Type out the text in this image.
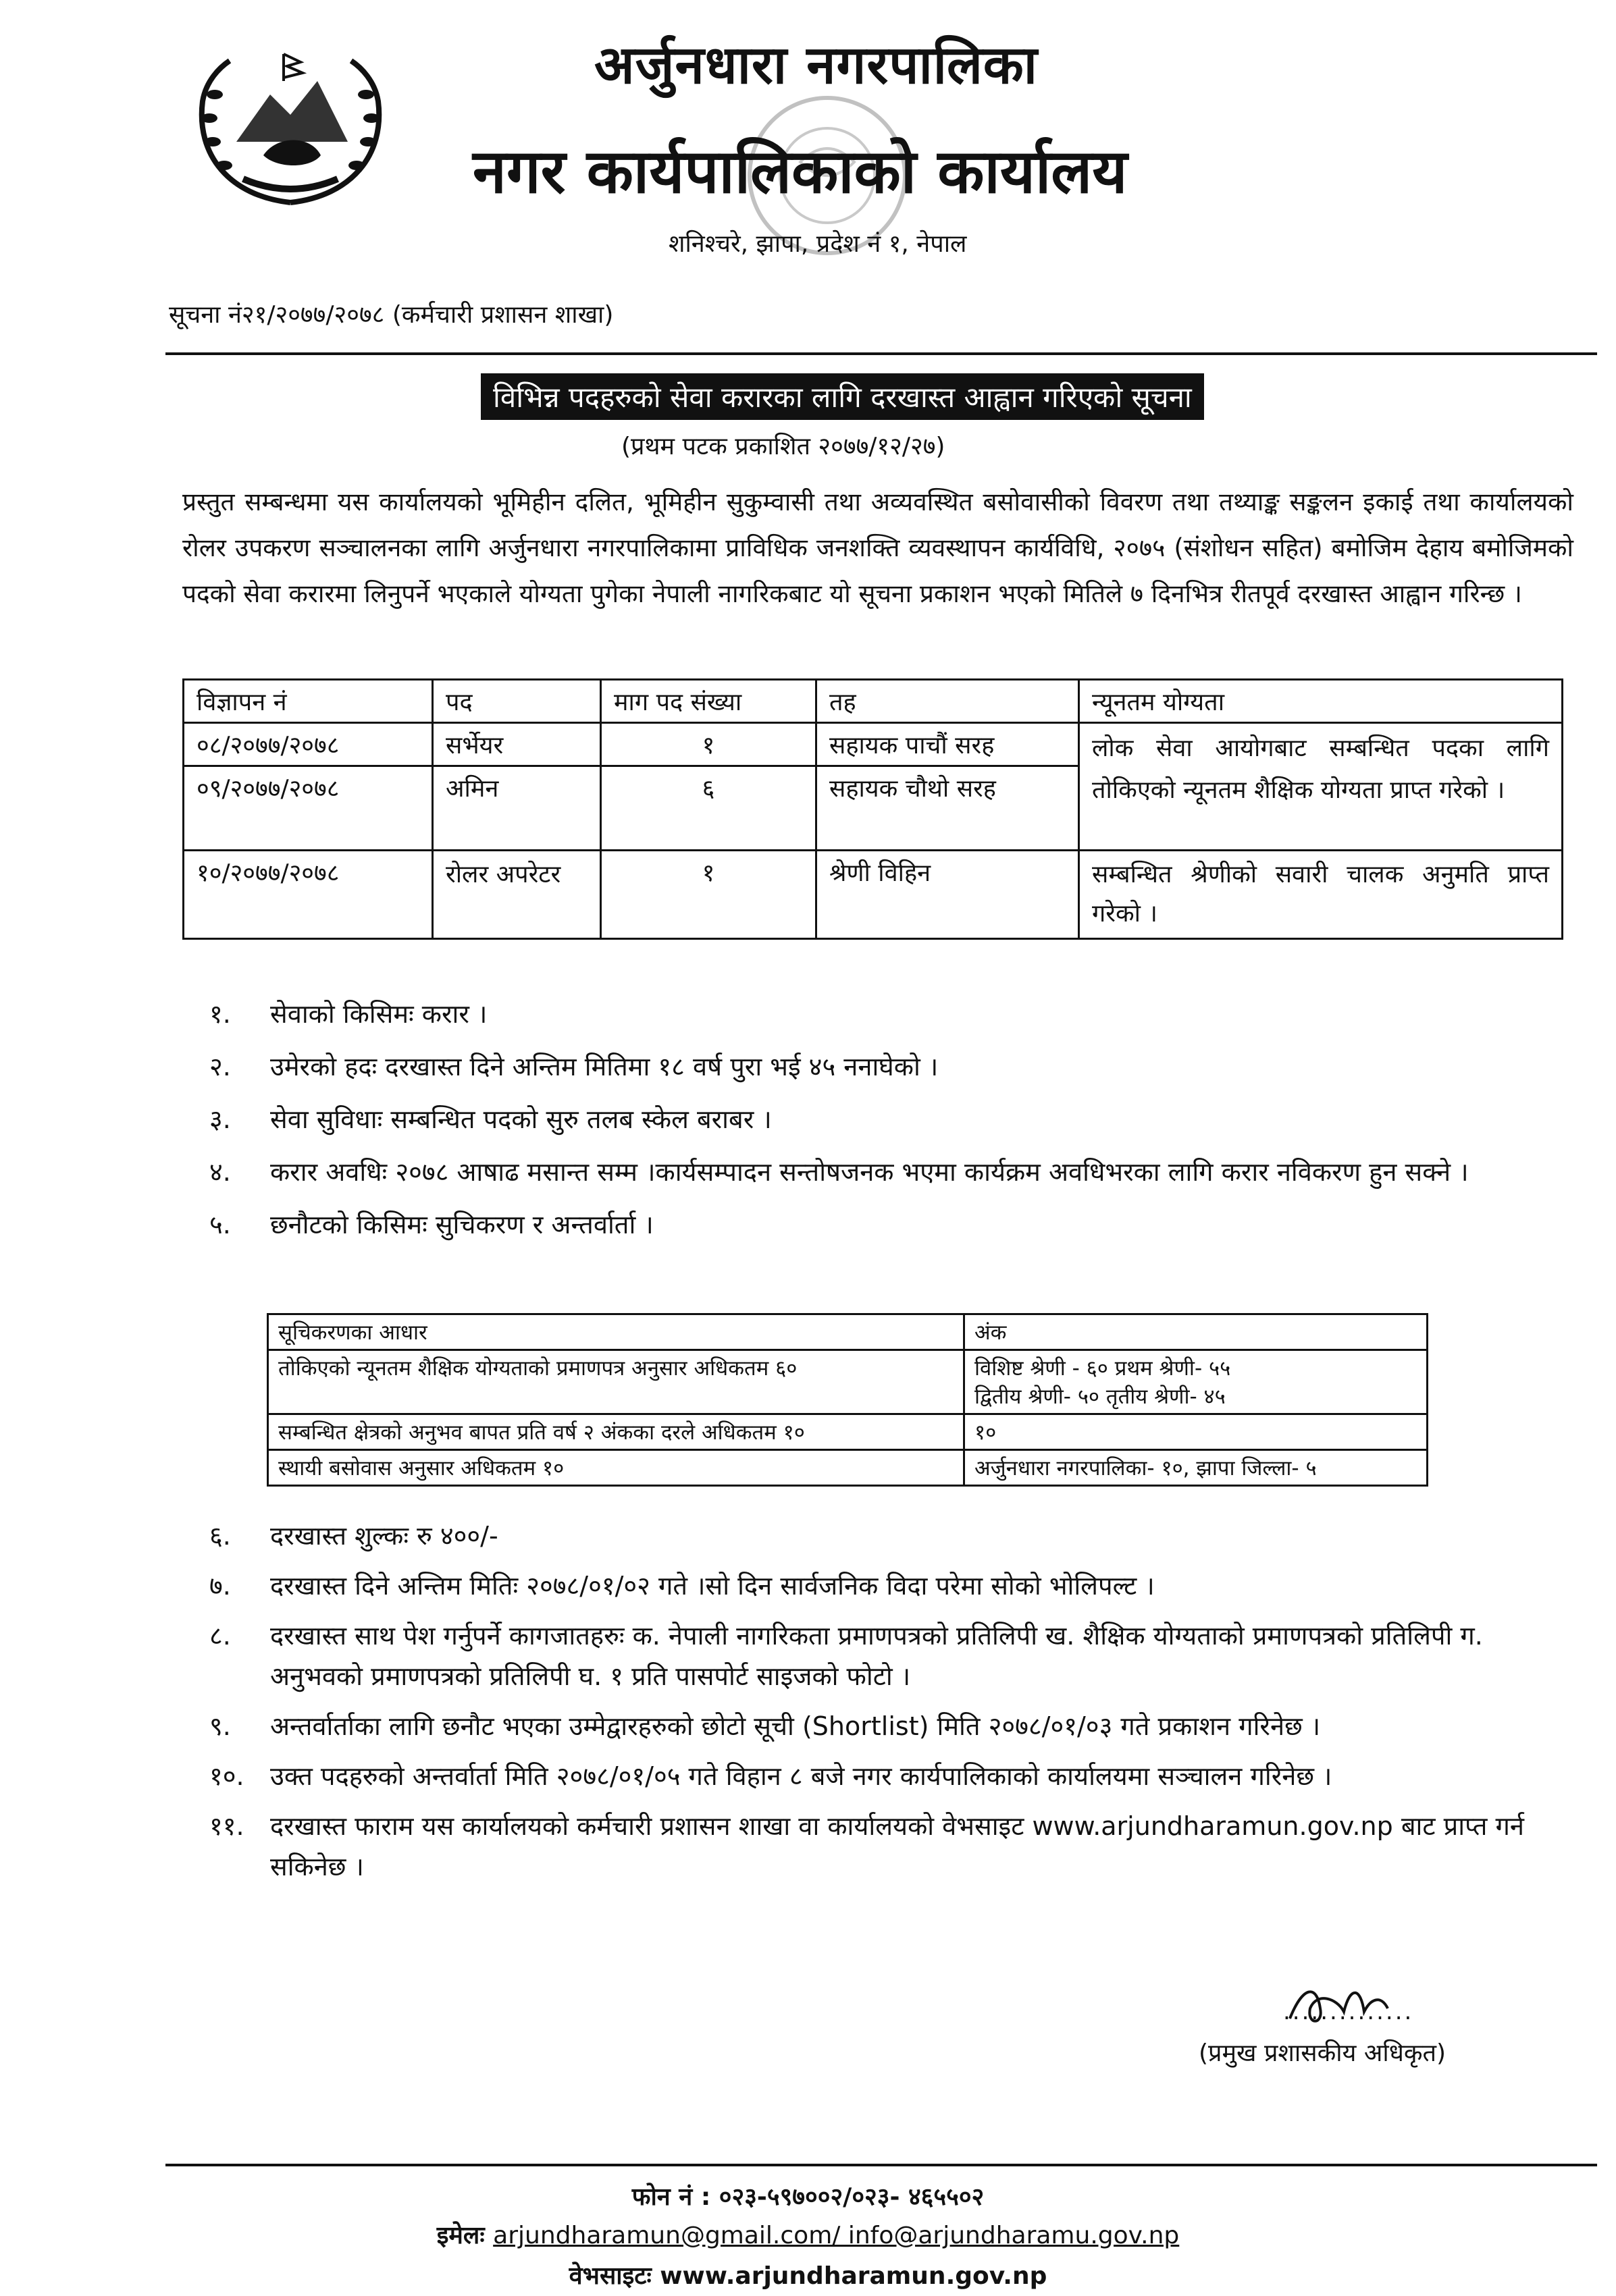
अर्जुनधारा नगरपालिका
नगर कार्यपालिकाको कार्यालय
शनिश्चरे, झापा, प्रदेश नं १, नेपाल
सूचना नं२१/२०७७/२०७८ (कर्मचारी प्रशासन शाखा)
विभिन्न पदहरुको सेवा करारका लागि दरखास्त आह्वान गरिएको सूचना
(प्रथम पटक प्रकाशित २०७७/१२/२७)
प्रस्तुत सम्बन्धमा यस कार्यालयको भूमिहीन दलित, भूमिहीन सुकुम्वासी तथा अव्यवस्थित बसोवासीको विवरण तथा तथ्याङ्क सङ्कलन इकाई तथा कार्यालयको रोलर उपकरण सञ्चालनका लागि अर्जुनधारा नगरपालिकामा प्राविधिक जनशक्ति व्यवस्थापन कार्यविधि, २०७५ (संशोधन सहित) बमोजिम देहाय बमोजिमको पदको सेवा करारमा लिनुपर्ने भएकाले योग्यता पुगेका नेपाली नागरिकबाट यो सूचना प्रकाशन भएको मितिले ७ दिनभित्र रीतपूर्व दरखास्त आह्वान गरिन्छ ।
विज्ञापन नं	पद	माग पद संख्या	तह	न्यूनतम योग्यता
०८/२०७७/२०७८	सर्भेयर	१	सहायक पाचौं सरह	लोक सेवा आयोगबाट सम्बन्धित पदका लागि तोकिएको न्यूनतम शैक्षिक योग्यता प्राप्त गरेको ।
०९/२०७७/२०७८	अमिन	६	सहायक चौथो सरह	
१०/२०७७/२०७८	रोलर अपरेटर	१	श्रेणी विहिन	सम्बन्धित श्रेणीको सवारी चालक अनुमति प्राप्त गरेको ।
१.	सेवाको किसिमः करार ।
२.	उमेरको हदः दरखास्त दिने अन्तिम मितिमा १८ वर्ष पुरा भई ४५ ननाघेको ।
३.	सेवा सुविधाः सम्बन्धित पदको सुरु तलब स्केल बराबर ।
४.	करार अवधिः २०७८ आषाढ मसान्त सम्म ।कार्यसम्पादन सन्तोषजनक भएमा कार्यक्रम अवधिभरका लागि करार नविकरण हुन सक्ने ।
५.	छनौटको किसिमः सुचिकरण र अन्तर्वार्ता ।
सूचिकरणका आधार	अंक
तोकिएको न्यूनतम शैक्षिक योग्यताको प्रमाणपत्र अनुसार अधिकतम ६०	विशिष्ट श्रेणी - ६० प्रथम श्रेणी- ५५
द्वितीय श्रेणी- ५० तृतीय श्रेणी- ४५

सम्बन्धित क्षेत्रको अनुभव बापत प्रति वर्ष २ अंकका दरले अधिकतम १०	१०
स्थायी बसोवास अनुसार अधिकतम १०	अर्जुनधारा नगरपालिका- १०, झापा जिल्ला- ५
६.	दरखास्त शुल्कः रु ४००/-
७.	दरखास्त दिने अन्तिम मितिः २०७८/०१/०२ गते ।सो दिन सार्वजनिक विदा परेमा सोको भोलिपल्ट ।
८.	दरखास्त साथ पेश गर्नुपर्ने कागजातहरुः क. नेपाली नागरिकता प्रमाणपत्रको प्रतिलिपी ख. शैक्षिक योग्यताको प्रमाणपत्रको प्रतिलिपी ग. अनुभवको प्रमाणपत्रको प्रतिलिपी घ. १ प्रति पासपोर्ट साइजको फोटो ।
९.	अन्तर्वार्ताका लागि छनौट भएका उम्मेद्वारहरुको छोटो सूची (Shortlist) मिति २०७८/०१/०३ गते प्रकाशन गरिनेछ ।
१०.	उक्त पदहरुको अन्तर्वार्ता मिति २०७८/०१/०५ गते विहान ८ बजे नगर कार्यपालिकाको कार्यालयमा सञ्चालन गरिनेछ ।
११.	दरखास्त फाराम यस कार्यालयको कर्मचारी प्रशासन शाखा वा कार्यालयको वेभसाइट www.arjundharamun.gov.np बाट प्राप्त गर्न सकिनेछ ।
..............
(प्रमुख प्रशासकीय अधिकृत)
फोन नं : ०२३-५९७००२/०२३- ४६५५०२
इमेलः arjundharamun@gmail.com/ info@arjundharamu.gov.np
वेभसाइटः www.arjundharamun.gov.np
